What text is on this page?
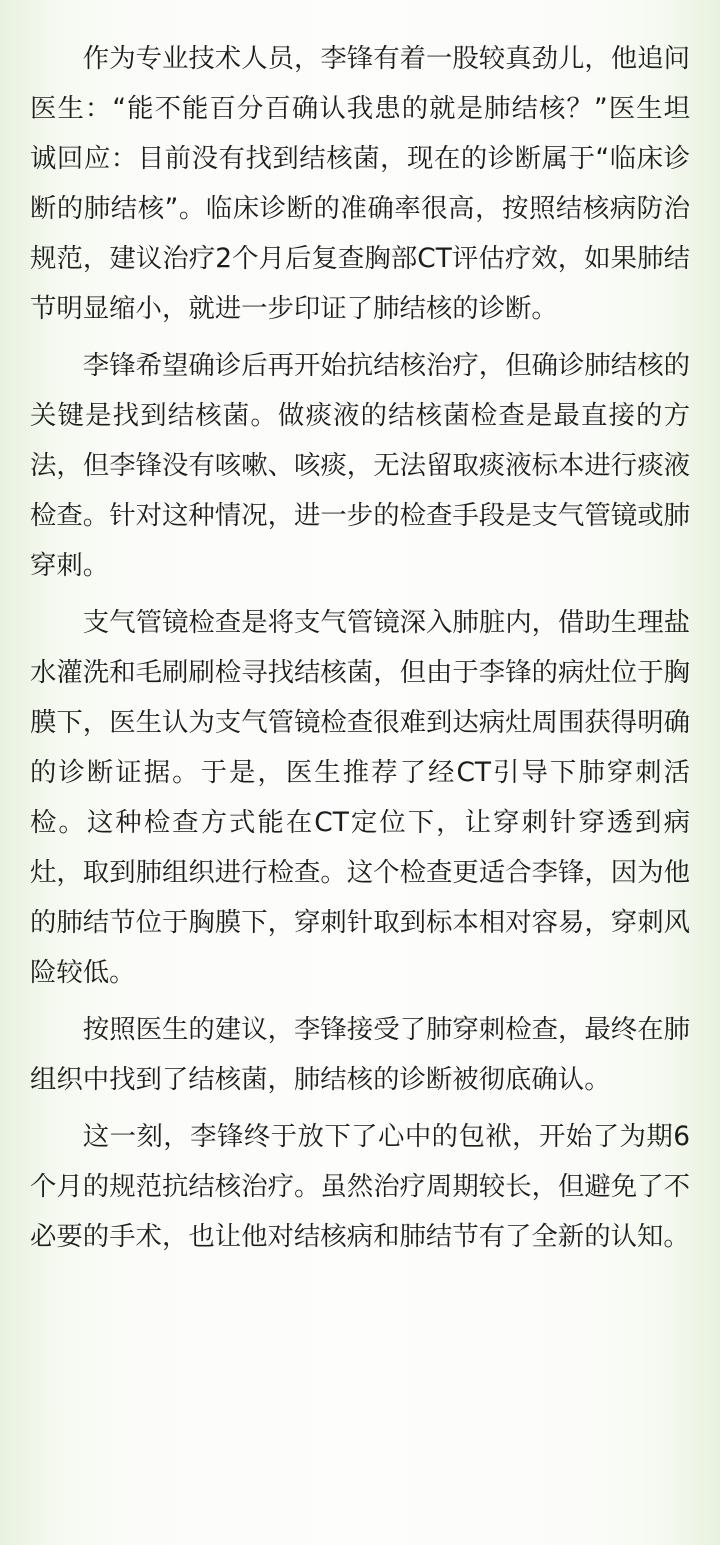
作为专业技术人员，李锋有着一股较真劲儿，他追问医生：“能不能百分百确认我患的就是肺结核？”医生坦诚回应：目前没有找到结核菌，现在的诊断属于“临床诊断的肺结核”。临床诊断的准确率很高，按照结核病防治规范，建议治疗2个月后复查胸部CT评估疗效，如果肺结节明显缩小，就进一步印证了肺结核的诊断。

李锋希望确诊后再开始抗结核治疗，但确诊肺结核的关键是找到结核菌。做痰液的结核菌检查是最直接的方法，但李锋没有咳嗽、咳痰，无法留取痰液标本进行痰液检查。针对这种情况，进一步的检查手段是支气管镜或肺穿刺。

支气管镜检查是将支气管镜深入肺脏内，借助生理盐水灌洗和毛刷刷检寻找结核菌，但由于李锋的病灶位于胸膜下，医生认为支气管镜检查很难到达病灶周围获得明确的诊断证据。于是，医生推荐了经CT引导下肺穿刺活检。这种检查方式能在CT定位下，让穿刺针穿透到病灶，取到肺组织进行检查。这个检查更适合李锋，因为他的肺结节位于胸膜下，穿刺针取到标本相对容易，穿刺风险较低。

按照医生的建议，李锋接受了肺穿刺检查，最终在肺组织中找到了结核菌，肺结核的诊断被彻底确认。

这一刻，李锋终于放下了心中的包袱，开始了为期6个月的规范抗结核治疗。虽然治疗周期较长，但避免了不必要的手术，也让他对结核病和肺结节有了全新的认知。
